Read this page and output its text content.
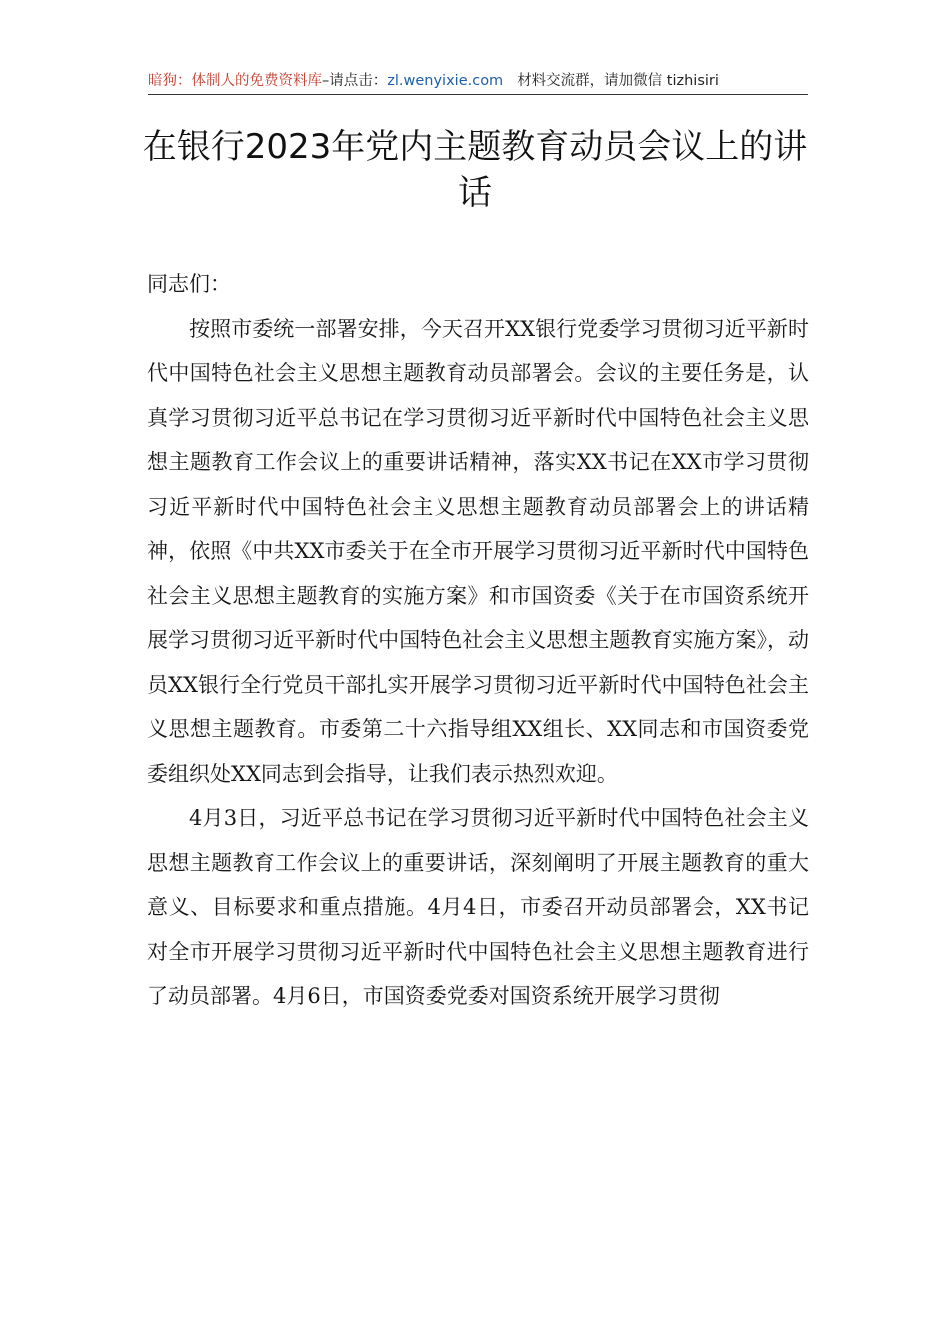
暗狗：体制人的免费资料库–请点击：zl.wenyixie.com 材料交流群，请加微信 tizhisiri
在银行2023年党内主题教育动员会议上的讲话

同志们：

按照市委统一部署安排，今天召开XX银行党委学习贯彻习近平新时代中国特色社会主义思想主题教育动员部署会。会议的主要任务是，认真学习贯彻习近平总书记在学习贯彻习近平新时代中国特色社会主义思想主题教育工作会议上的重要讲话精神，落实XX书记在XX市学习贯彻习近平新时代中国特色社会主义思想主题教育动员部署会上的讲话精神，依照《中共XX市委关于在全市开展学习贯彻习近平新时代中国特色社会主义思想主题教育的实施方案》和市国资委《关于在市国资系统开展学习贯彻习近平新时代中国特色社会主义思想主题教育实施方案》，动员XX银行全行党员干部扎实开展学习贯彻习近平新时代中国特色社会主义思想主题教育。市委第二十六指导组XX组长、XX同志和市国资委党委组织处XX同志到会指导，让我们表示热烈欢迎。

4月3日，习近平总书记在学习贯彻习近平新时代中国特色社会主义思想主题教育工作会议上的重要讲话，深刻阐明了开展主题教育的重大意义、目标要求和重点措施。4月4日，市委召开动员部署会，XX书记对全市开展学习贯彻习近平新时代中国特色社会主义思想主题教育进行了动员部署。4月6日，市国资委党委对国资系统开展学习贯彻
